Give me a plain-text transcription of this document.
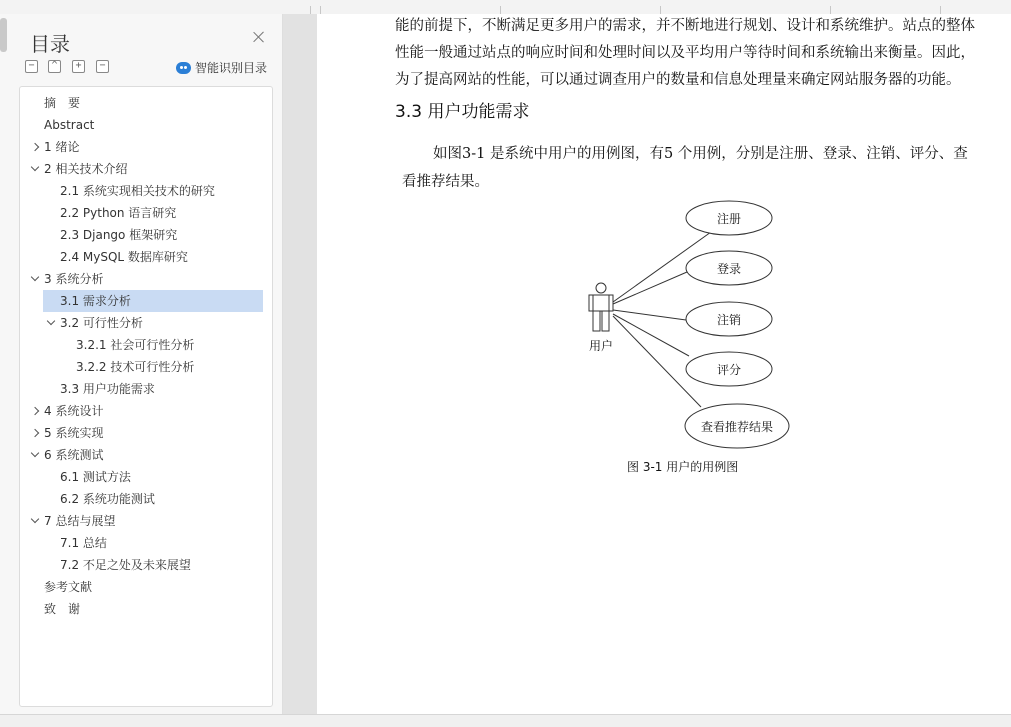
目录
−	^	+	−	智能识别目录
摘　要
Abstract
1 绪论
2 相关技术介绍
2.1 系统实现相关技术的研究
2.2 Python 语言研究
2.3 Django 框架研究
2.4 MySQL 数据库研究
3 系统分析
3.1 需求分析
3.2 可行性分析
3.2.1 社会可行性分析
3.2.2 技术可行性分析
3.3 用户功能需求
4 系统设计
5 系统实现
6 系统测试
6.1 测试方法
6.2 系统功能测试
7 总结与展望
7.1 总结
7.2 不足之处及未来展望
参考文献
致　谢
能的前提下，不断满足更多用户的需求，并不断地进行规划、设计和系统维护。站点的整体
性能一般通过站点的响应时间和处理时间以及平均用户等待时间和系统输出来衡量。因此，
为了提高网站的性能，可以通过调查用户的数量和信息处理量来确定网站服务器的功能。
3.3 用户功能需求
如图3-1 是系统中用户的用例图，有5 个用例，分别是注册、登录、注销、评分、查
看推荐结果。
用户
注册
登录
注销
评分
查看推荐结果
图 3-1 用户的用例图
